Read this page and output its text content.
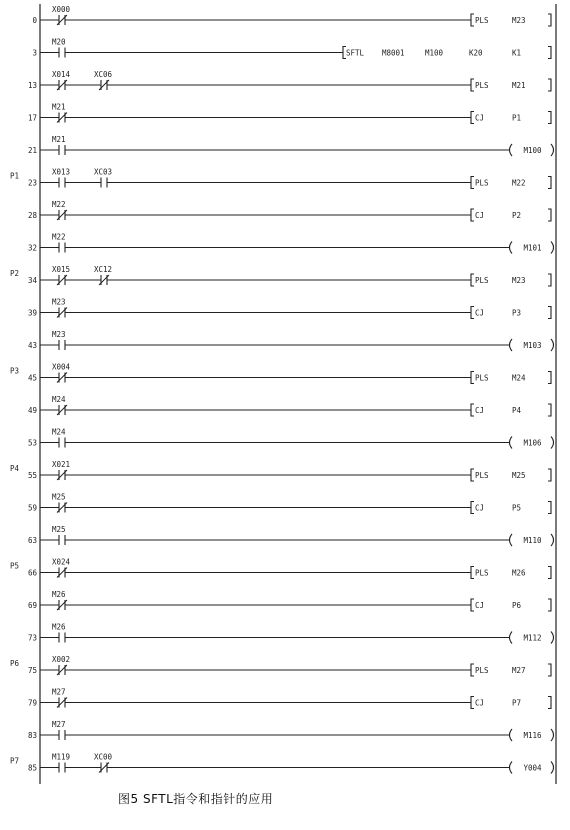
0
X000
PLS	M23
3
M20
SFTL M8001	M100	K20	K1
13
X014	XC06
PLS	M21
17
M21
CJ	P1
21
M21
M100
23
P1	X013	XC03
PLS	M22
28
M22
CJ	P2
32
M22
M101
34
P2	X015	XC12
PLS	M23
39
M23
CJ	P3
43
M23
M103
45
P3	X004
PLS	M24
49
M24
CJ	P4
53
M24
M106
55
P4	X021
PLS	M25
59
M25
CJ	P5
63
M25
M110
66
P5	X024
PLS	M26
69
M26
CJ	P6
73
M26
M112
75
P6	X002
PLS	M27
79
M27
CJ	P7
83
M27
M116
85
P7	M119	XC00
Y004
图5 SFTL指令和指针的应用
